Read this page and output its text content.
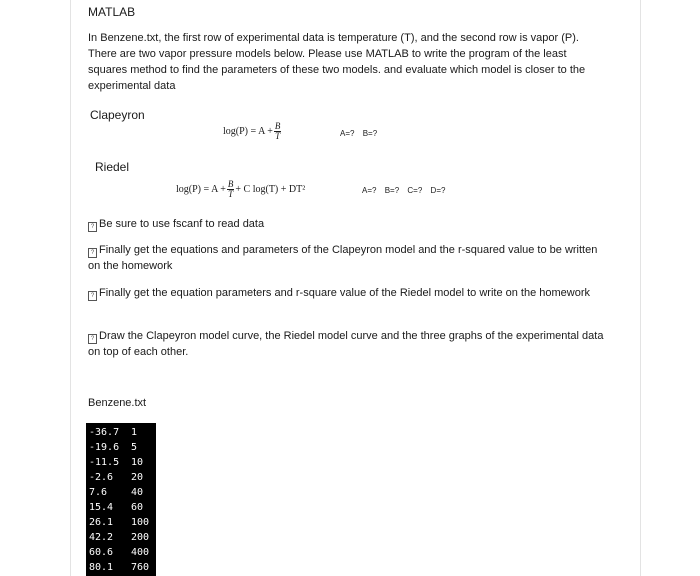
MATLAB
In Benzene.txt, the first row of experimental data is temperature (T), and the second row is vapor (P). There are two vapor pressure models below. Please use MATLAB to write the program of the least squares method to find the parameters of these two models. and evaluate which model is closer to the experimental data
Clapeyron
$\log(P) = A + \frac{B}{T}$	A=? B=?
Riedel
$\log(P) = A + \frac{B}{T} + C$ log(T) + DT²	A=? B=? C=? D=?
? Be sure to use fscanf to read data
? Finally get the equations and parameters of the Clapeyron model and the r-squared value to be written on the homework
? Finally get the equation parameters and r-square value of the Riedel model to write on the homework
? Draw the Clapeyron model curve, the Riedel model curve and the three graphs of the experimental data on top of each other.
Benzene.txt
-36.7	1
-19.6	5
-11.5	10
-2.6	20
7.6	40
15.4	60
26.1	100
42.2	200
60.6	400
80.1	760
